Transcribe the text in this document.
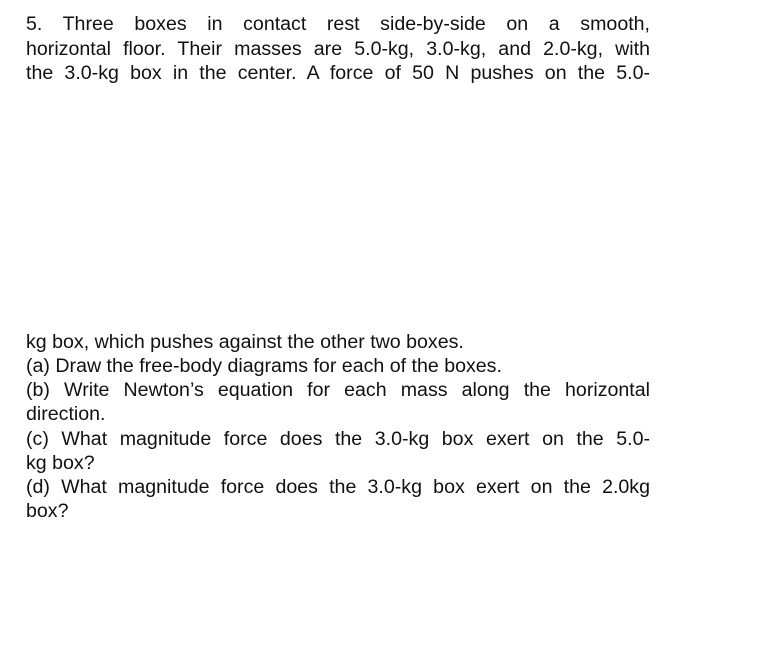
5. Three boxes in contact rest side-by-side on a smooth,
horizontal floor. Their masses are 5.0-kg, 3.0-kg, and 2.0-kg, with
the 3.0-kg box in the center. A force of 50 N pushes on the 5.0-
kg box, which pushes against the other two boxes.
(a) Draw the free-body diagrams for each of the boxes.
(b) Write Newton’s equation for each mass along the horizontal
direction.
(c) What magnitude force does the 3.0-kg box exert on the 5.0-
kg box?
(d) What magnitude force does the 3.0-kg box exert on the 2.0kg
box?
